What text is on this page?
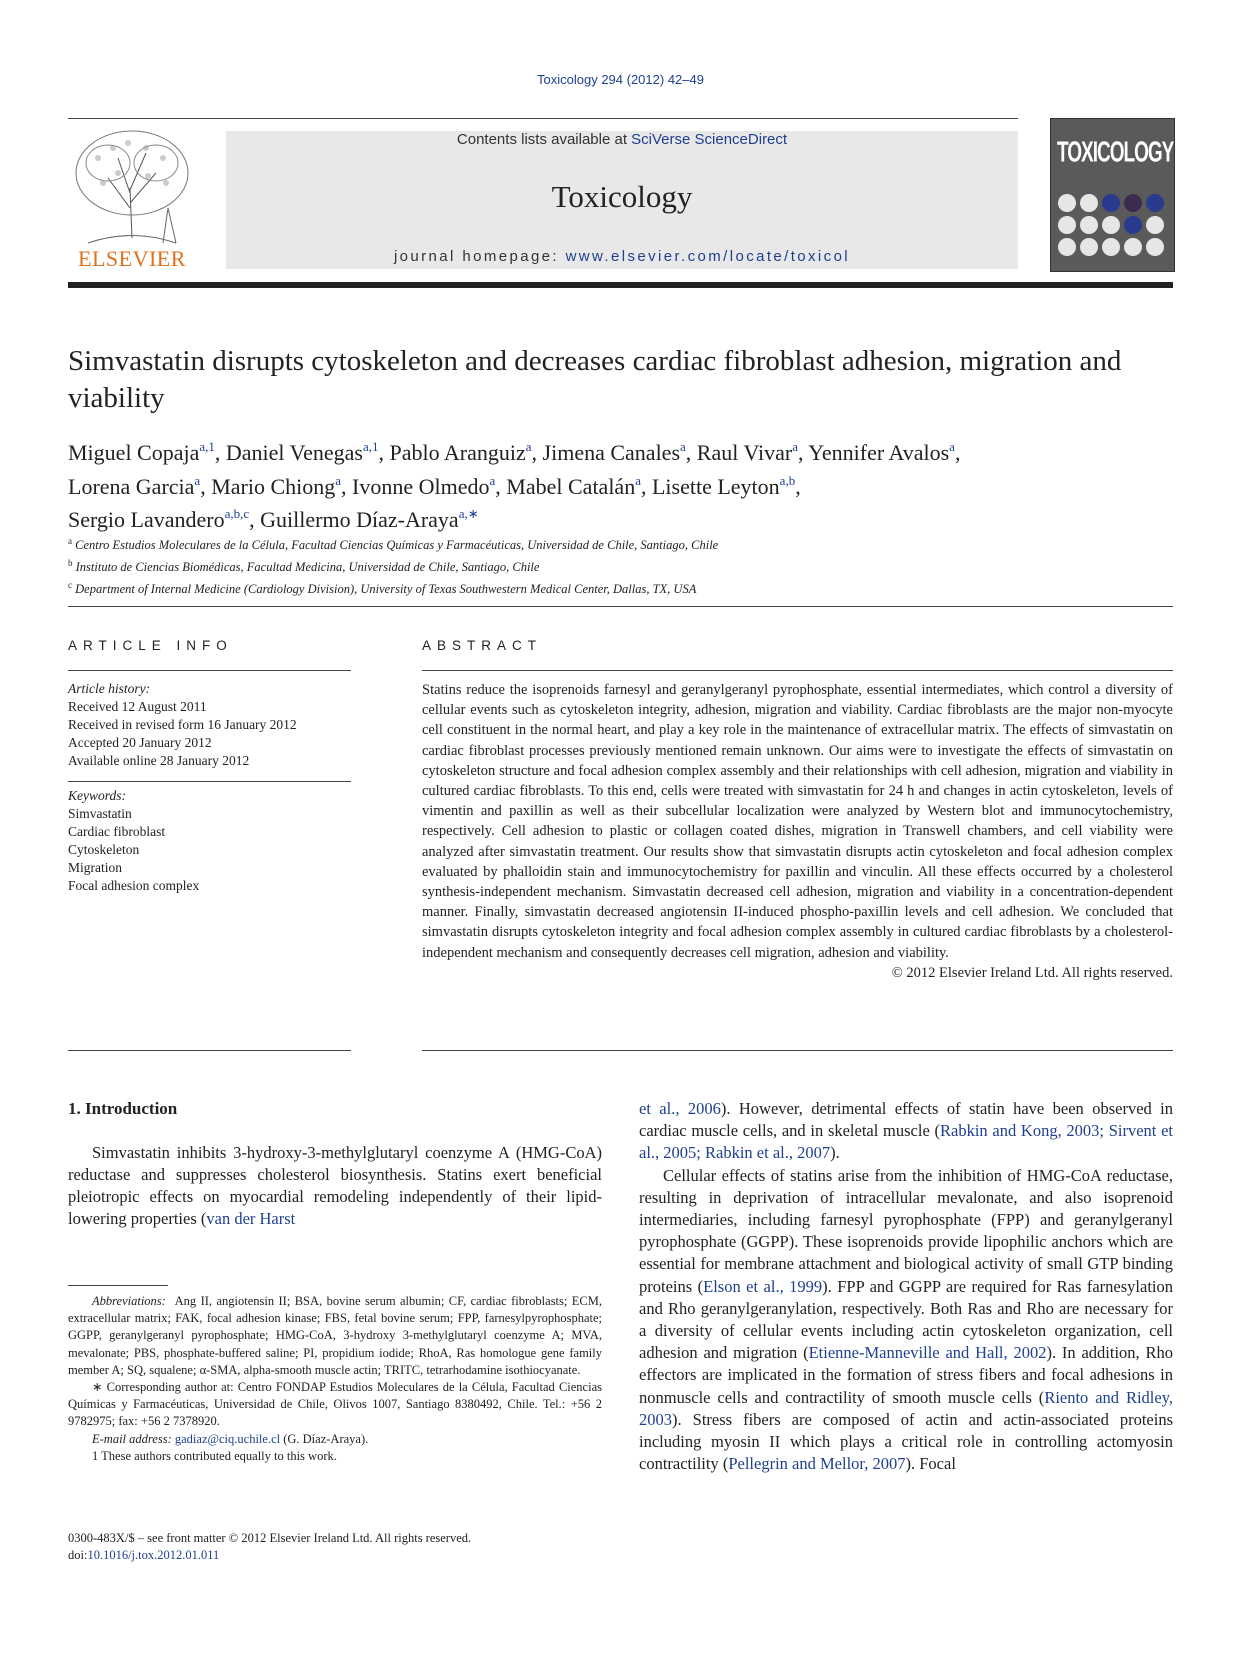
Toxicology 294 (2012) 42–49
ELSEVIER
Contents lists available at SciVerse ScienceDirect
Toxicology
journal homepage: www.elsevier.com/locate/toxicol
TOXICOLOGY
Simvastatin disrupts cytoskeleton and decreases cardiac fibroblast adhesion, migration and viability
Miguel Copaja$^{a,1}$, Daniel Venegas$^{a,1}$, Pablo Aranguiz$^a$, Jimena Canales$^a$, Raul Vivar$^a$, Yennifer Avalos$^a$,
Lorena Garcia$^a$, Mario Chiong$^a$, Ivonne Olmedo$^a$, Mabel Catalán$^a$, Lisette Leyton$^{a,b}$,
Sergio Lavandero$^{a,b,c}$, Guillermo Díaz-Araya$^{a,∗}$
$^a$ Centro Estudios Moleculares de la Célula, Facultad Ciencias Químicas y Farmacéuticas, Universidad de Chile, Santiago, Chile
$^b$ Instituto de Ciencias Biomédicas, Facultad Medicina, Universidad de Chile, Santiago, Chile
$^c$ Department of Internal Medicine (Cardiology Division), University of Texas Southwestern Medical Center, Dallas, TX, USA
ARTICLE INFO	ABSTRACT
Article history:
Received 12 August 2011
Received in revised form 16 January 2012
Accepted 20 January 2012
Available online 28 January 2012
Keywords:
Simvastatin
Cardiac fibroblast
Cytoskeleton
Migration
Focal adhesion complex
Statins reduce the isoprenoids farnesyl and geranylgeranyl pyrophosphate, essential intermediates, which control a diversity of cellular events such as cytoskeleton integrity, adhesion, migration and viability. Cardiac fibroblasts are the major non-myocyte cell constituent in the normal heart, and play a key role in the maintenance of extracellular matrix. The effects of simvastatin on cardiac fibroblast processes previously mentioned remain unknown. Our aims were to investigate the effects of simvastatin on cytoskeleton structure and focal adhesion complex assembly and their relationships with cell adhesion, migration and viability in cultured cardiac fibroblasts. To this end, cells were treated with simvastatin for 24 h and changes in actin cytoskeleton, levels of vimentin and paxillin as well as their subcellular localization were analyzed by Western blot and immunocytochemistry, respectively. Cell adhesion to plastic or collagen coated dishes, migration in Transwell chambers, and cell viability were analyzed after simvastatin treatment. Our results show that simvastatin disrupts actin cytoskeleton and focal adhesion complex evaluated by phalloidin stain and immunocytochemistry for paxillin and vinculin. All these effects occurred by a cholesterol synthesis-independent mechanism. Simvastatin decreased cell adhesion, migration and viability in a concentration-dependent manner. Finally, simvastatin decreased angiotensin II-induced phospho-paxillin levels and cell adhesion. We concluded that simvastatin disrupts cytoskeleton integrity and focal adhesion complex assembly in cultured cardiac fibroblasts by a cholesterol-independent mechanism and consequently decreases cell migration, adhesion and viability.
© 2012 Elsevier Ireland Ltd. All rights reserved.
1. Introduction

Simvastatin inhibits 3-hydroxy-3-methylglutaryl coenzyme A (HMG-CoA) reductase and suppresses cholesterol biosynthesis. Statins exert beneficial pleiotropic effects on myocardial remodeling independently of their lipid-lowering properties (van der Harst

et al., 2006). However, detrimental effects of statin have been observed in cardiac muscle cells, and in skeletal muscle (Rabkin and Kong, 2003; Sirvent et al., 2005; Rabkin et al., 2007).

Cellular effects of statins arise from the inhibition of HMG-CoA reductase, resulting in deprivation of intracellular mevalonate, and also isoprenoid intermediaries, including farnesyl pyrophosphate (FPP) and geranylgeranyl pyrophosphate (GGPP). These isoprenoids provide lipophilic anchors which are essential for membrane attachment and biological activity of small GTP binding proteins (Elson et al., 1999). FPP and GGPP are required for Ras farnesylation and Rho geranylgeranylation, respectively. Both Ras and Rho are necessary for a diversity of cellular events including actin cytoskeleton organization, cell adhesion and migration (Etienne-Manneville and Hall, 2002). In addition, Rho effectors are implicated in the formation of stress fibers and focal adhesions in nonmuscle cells and contractility of smooth muscle cells (Riento and Ridley, 2003). Stress fibers are composed of actin and actin-associated proteins including myosin II which plays a critical role in controlling actomyosin contractility (Pellegrin and Mellor, 2007). Focal

Abbreviations: Ang II, angiotensin II; BSA, bovine serum albumin; CF, cardiac fibroblasts; ECM, extracellular matrix; FAK, focal adhesion kinase; FBS, fetal bovine serum; FPP, farnesylpyrophosphate; GGPP, geranylgeranyl pyrophosphate; HMG-CoA, 3-hydroxy 3-methylglutaryl coenzyme A; MVA, mevalonate; PBS, phosphate-buffered saline; PI, propidium iodide; RhoA, Ras homologue gene family member A; SQ, squalene; α-SMA, alpha-smooth muscle actin; TRITC, tetrarhodamine isothiocyanate.

∗ Corresponding author at: Centro FONDAP Estudios Moleculares de la Célula, Facultad Ciencias Químicas y Farmacéuticas, Universidad de Chile, Olivos 1007, Santiago 8380492, Chile. Tel.: +56 2 9782975; fax: +56 2 7378920.

E-mail address: gadiaz@ciq.uchile.cl (G. Díaz-Araya).

1 These authors contributed equally to this work.

0300-483X/$ – see front matter © 2012 Elsevier Ireland Ltd. All rights reserved.
doi:10.1016/j.tox.2012.01.011
